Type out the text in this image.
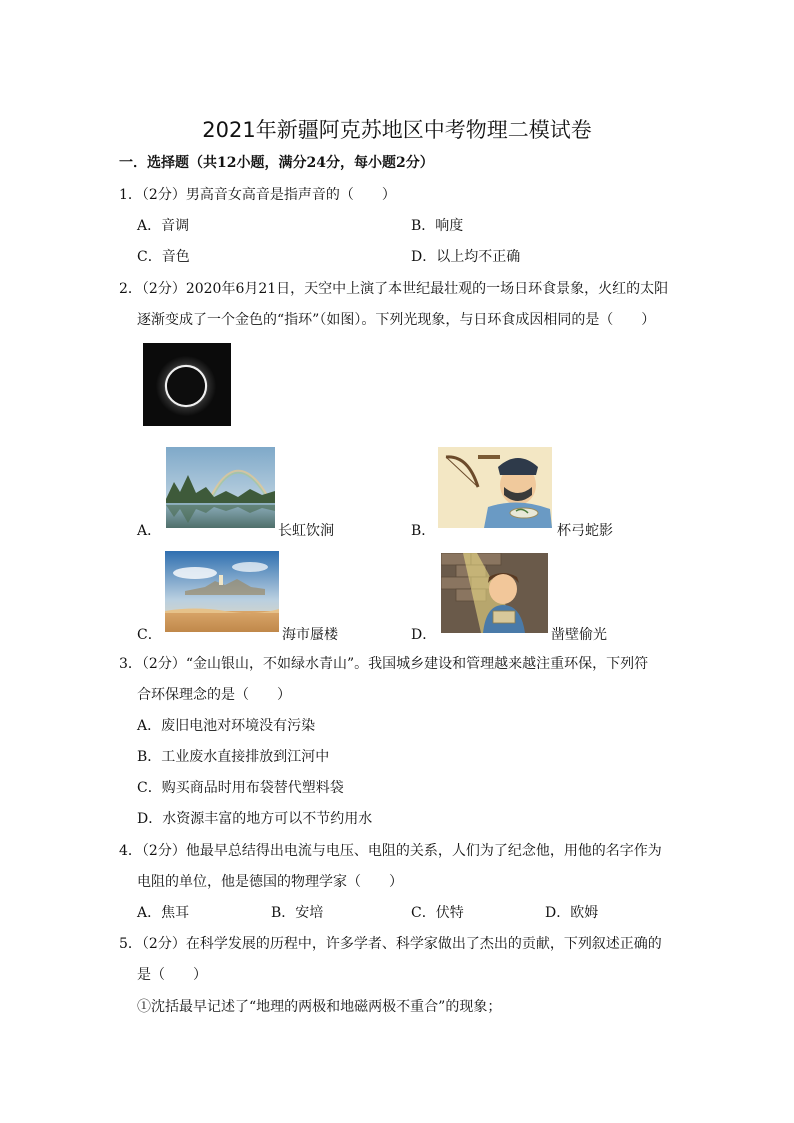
2021年新疆阿克苏地区中考物理二模试卷
一．选择题（共12小题，满分24分，每小题2分）
1．（2分）男高音女高音是指声音的（　　）
A．音调	B．响度
C．音色	D．以上均不正确
2．（2分）2020年6月21日，天空中上演了本世纪最壮观的一场日环食景象，火红的太阳
逐渐变成了一个金色的“指环”（如图）。下列光现象，与日环食成因相同的是（　　）
A．	长虹饮涧	B．	杯弓蛇影
C．	海市蜃楼	D．	凿壁偷光
3．（2分）“金山银山，不如绿水青山”。我国城乡建设和管理越来越注重环保，下列符
合环保理念的是（　　）
A．废旧电池对环境没有污染
B．工业废水直接排放到江河中
C．购买商品时用布袋替代塑料袋
D．水资源丰富的地方可以不节约用水
4．（2分）他最早总结得出电流与电压、电阻的关系，人们为了纪念他，用他的名字作为
电阻的单位，他是德国的物理学家（　　）
A．焦耳	B．安培	C．伏特	D．欧姆
5．（2分）在科学发展的历程中，许多学者、科学家做出了杰出的贡献，下列叙述正确的
是（　　）
①沈括最早记述了“地理的两极和地磁两极不重合”的现象；
